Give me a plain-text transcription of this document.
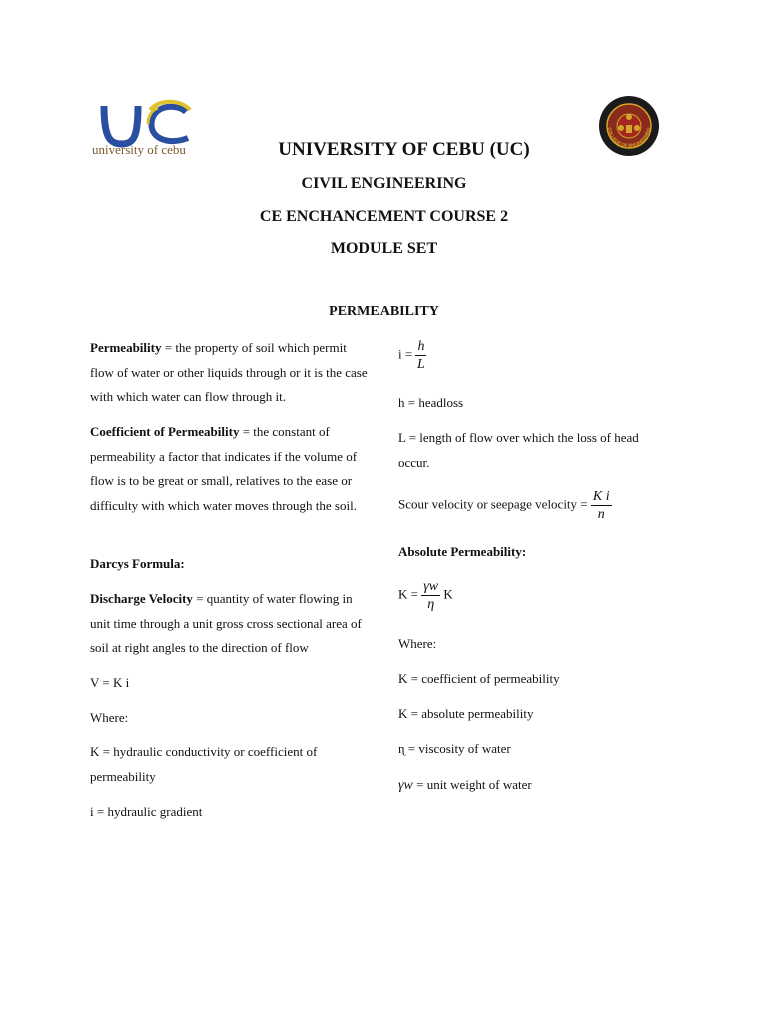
university of cebu
COLLEGE OF ENGINEERING
UNIVERSITY OF CEBU (UC)
CIVIL ENGINEERING
CE ENCHANCEMENT COURSE 2
MODULE SET
PERMEABILITY
Permeability = the property of soil which permit flow of water or other liquids through or it is the case with which water can flow through it.
Coefficient of Permeability = the constant of permeability a factor that indicates if the volume of flow is to be great or small, relatives to the ease or difficulty with which water moves through the soil.
Darcys Formula:
Discharge Velocity = quantity of water flowing in unit time through a unit gross cross sectional area of soil at right angles to the direction of flow
V = K i
Where:
K = hydraulic conductivity or coefficient of permeability
i = hydraulic gradient
$i = \frac{h}{L}$
h = headloss
L = length of flow over which the loss of head occur.
Scour velocity or seepage velocity = $\frac{\text{K i}}{n}$
Absolute Permeability:
$K = \frac{\gamma w}{\eta}$ K
Where:
K = coefficient of permeability
K = absolute permeability
ɳ = viscosity of water
γw = unit weight of water
